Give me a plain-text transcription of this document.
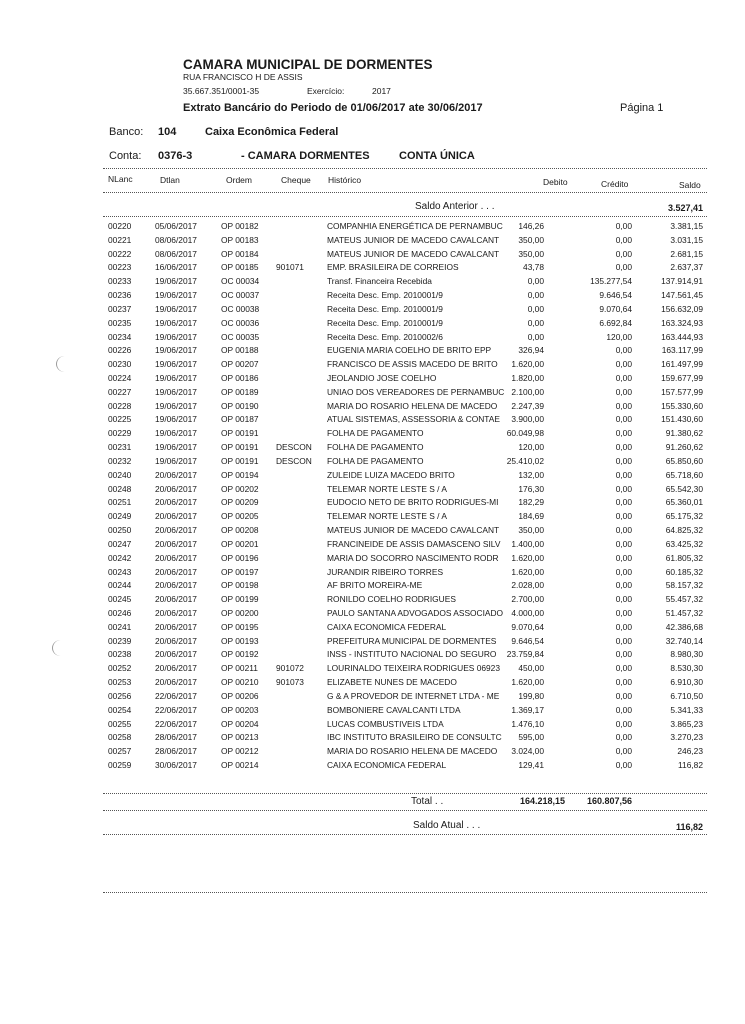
CAMARA MUNICIPAL DE DORMENTES
RUA FRANCISCO H DE ASSIS
35.667.351/0001-35	Exercício:	2017
Extrato Bancário do Periodo de 01/06/2017 ate 30/06/2017	Página 1
Banco: 104	Caixa Econômica Federal
Conta: 0376-3	- CAMARA DORMENTES	CONTA ÚNICA
NLanc	Dtlan	Ordem	Cheque Histórico	Debito	Crédito	Saldo
Saldo Anterior . . .	3.527,41
00220	05/06/2017	OP 00182	COMPANHIA ENERGÉTICA DE PERNAMBUC	146,26	0,00	3.381,15
00221	08/06/2017	OP 00183	MATEUS JUNIOR DE MACEDO CAVALCANT	350,00	0,00	3.031,15
00222	08/06/2017	OP 00184	MATEUS JUNIOR DE MACEDO CAVALCANT	350,00	0,00	2.681,15
00223	16/06/2017	OP 00185	901071	EMP. BRASILEIRA DE CORREIOS	43,78	0,00	2.637,37
00233	19/06/2017	OC 00034	Transf. Financeira Recebida	0,00	135.277,54	137.914,91
00236	19/06/2017	OC 00037	Receita Desc. Emp. 2010001/9	0,00	9.646,54	147.561,45
00237	19/06/2017	OC 00038	Receita Desc. Emp. 2010001/9	0,00	9.070,64	156.632,09
00235	19/06/2017	OC 00036	Receita Desc. Emp. 2010001/9	0,00	6.692,84	163.324,93
00234	19/06/2017	OC 00035	Receita Desc. Emp. 2010002/6	0,00	120,00	163.444,93
00226	19/06/2017	OP 00188	EUGENIA MARIA COELHO DE BRITO EPP	326,94	0,00	163.117,99
00230	19/06/2017	OP 00207	FRANCISCO DE ASSIS MACEDO DE BRITO	1.620,00	0,00	161.497,99
00224	19/06/2017	OP 00186	JEOLANDIO JOSE COELHO	1.820,00	0,00	159.677,99
00227	19/06/2017	OP 00189	UNIAO DOS VEREADORES DE PERNAMBUC 2.100,00	0,00	157.577,99
00228	19/06/2017	OP 00190	MARIA DO ROSARIO HELENA DE MACEDO	2.247,39	0,00	155.330,60
00225	19/06/2017	OP 00187	ATUAL SISTEMAS, ASSESSORIA & CONTAE	3.900,00	0,00	151.430,60
00229	19/06/2017	OP 00191	FOLHA DE PAGAMENTO	60.049,98	0,00	91.380,62
00231	19/06/2017	OP 00191	DESCON	FOLHA DE PAGAMENTO	120,00	0,00	91.260,62
00232	19/06/2017	OP 00191	DESCON	FOLHA DE PAGAMENTO	25.410,02	0,00	65.850,60
00240	20/06/2017	OP 00194	ZULEIDE LUIZA MACEDO BRITO	132,00	0,00	65.718,60
00248	20/06/2017	OP 00202	TELEMAR NORTE LESTE S / A	176,30	0,00	65.542,30
00251	20/06/2017	OP 00209	EUDOCIO NETO DE BRITO RODRIGUES-MI	182,29	0,00	65.360,01
00249	20/06/2017	OP 00205	TELEMAR NORTE LESTE S / A	184,69	0,00	65.175,32
00250	20/06/2017	OP 00208	MATEUS JUNIOR DE MACEDO CAVALCANT	350,00	0,00	64.825,32
00247	20/06/2017	OP 00201	FRANCINEIDE DE ASSIS DAMASCENO SILV	1.400,00	0,00	63.425,32
00242	20/06/2017	OP 00196	MARIA DO SOCORRO NASCIMENTO RODR	1.620,00	0,00	61.805,32
00243	20/06/2017	OP 00197	JURANDIR RIBEIRO TORRES	1.620,00	0,00	60.185,32
00244	20/06/2017	OP 00198	AF BRITO MOREIRA-ME	2.028,00	0,00	58.157,32
00245	20/06/2017	OP 00199	RONILDO COELHO RODRIGUES	2.700,00	0,00	55.457,32
00246	20/06/2017	OP 00200	PAULO SANTANA ADVOGADOS ASSOCIADO 4.000,00	0,00	51.457,32
00241	20/06/2017	OP 00195	CAIXA ECONOMICA FEDERAL	9.070,64	0,00	42.386,68
00239	20/06/2017	OP 00193	PREFEITURA MUNICIPAL DE DORMENTES	9.646,54	0,00	32.740,14
00238	20/06/2017	OP 00192	INSS - INSTITUTO NACIONAL DO SEGURO	23.759,84	0,00	8.980,30
00252	20/06/2017	OP 00211	901072	LOURINALDO TEIXEIRA RODRIGUES 06923	450,00	0,00	8.530,30
00253	20/06/2017	OP 00210	901073	ELIZABETE NUNES DE MACEDO	1.620,00	0,00	6.910,30
00256	22/06/2017	OP 00206	G & A PROVEDOR DE INTERNET LTDA - ME	199,80	0,00	6.710,50
00254	22/06/2017	OP 00203	BOMBONIERE CAVALCANTI LTDA	1.369,17	0,00	5.341,33
00255	22/06/2017	OP 00204	LUCAS COMBUSTIVEIS LTDA	1.476,10	0,00	3.865,23
00258	28/06/2017	OP 00213	IBC INSTITUTO BRASILEIRO DE CONSULTC	595,00	0,00	3.270,23
00257	28/06/2017	OP 00212	MARIA DO ROSARIO HELENA DE MACEDO	3.024,00	0,00	246,23
00259	30/06/2017	OP 00214	CAIXA ECONOMICA FEDERAL	129,41	0,00	116,82
Total . .	164.218,15	160.807,56
Saldo Atual . . .	116,82
